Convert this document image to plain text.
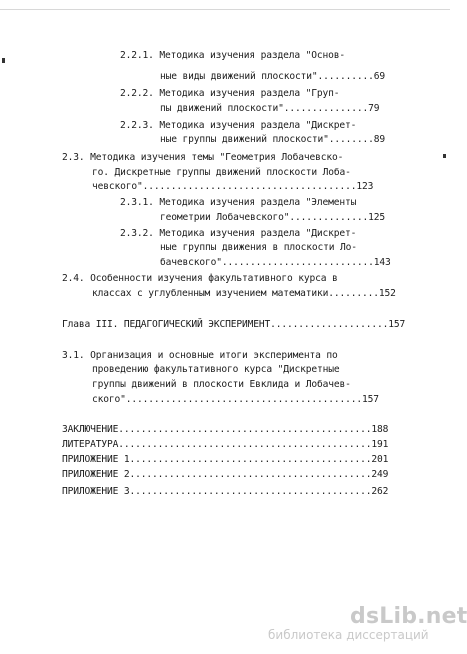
2.2.1. Методика изучения раздела "Основ-
ные виды движений плоскости"..........69
2.2.2. Методика изучения раздела "Груп-
пы движений плоскости"...............79
2.2.3. Методика изучения раздела "Дискрет-
ные группы движений плоскости"........89
2.3. Методика изучения темы "Геометрия Лобачевско-
го. Дискретные группы движений плоскости Лоба-
чевского"......................................123
2.3.1. Методика изучения раздела "Элементы
геометрии Лобачевского"..............125
2.3.2. Методика изучения раздела "Дискрет-
ные группы движения в плоскости Ло-
бачевского"...........................143
2.4. Особенности изучения факультативного курса в
классах с углубленным изучением математики.........152
Глава III. ПЕДАГОГИЧЕСКИЙ ЭКСПЕРИМЕНТ.....................157
3.1. Организация и основные итоги эксперимента по
проведению факультативного курса "Дискретные
группы движений в плоскости Евклида и Лобачев-
ского"..........................................157
ЗАКЛЮЧЕНИЕ.............................................188
ЛИТЕРАТУРА.............................................191
ПРИЛОЖЕНИЕ 1...........................................201
ПРИЛОЖЕНИЕ 2...........................................249
ПРИЛОЖЕНИЕ 3...........................................262
dsLib.net
библиотека диссертаций
